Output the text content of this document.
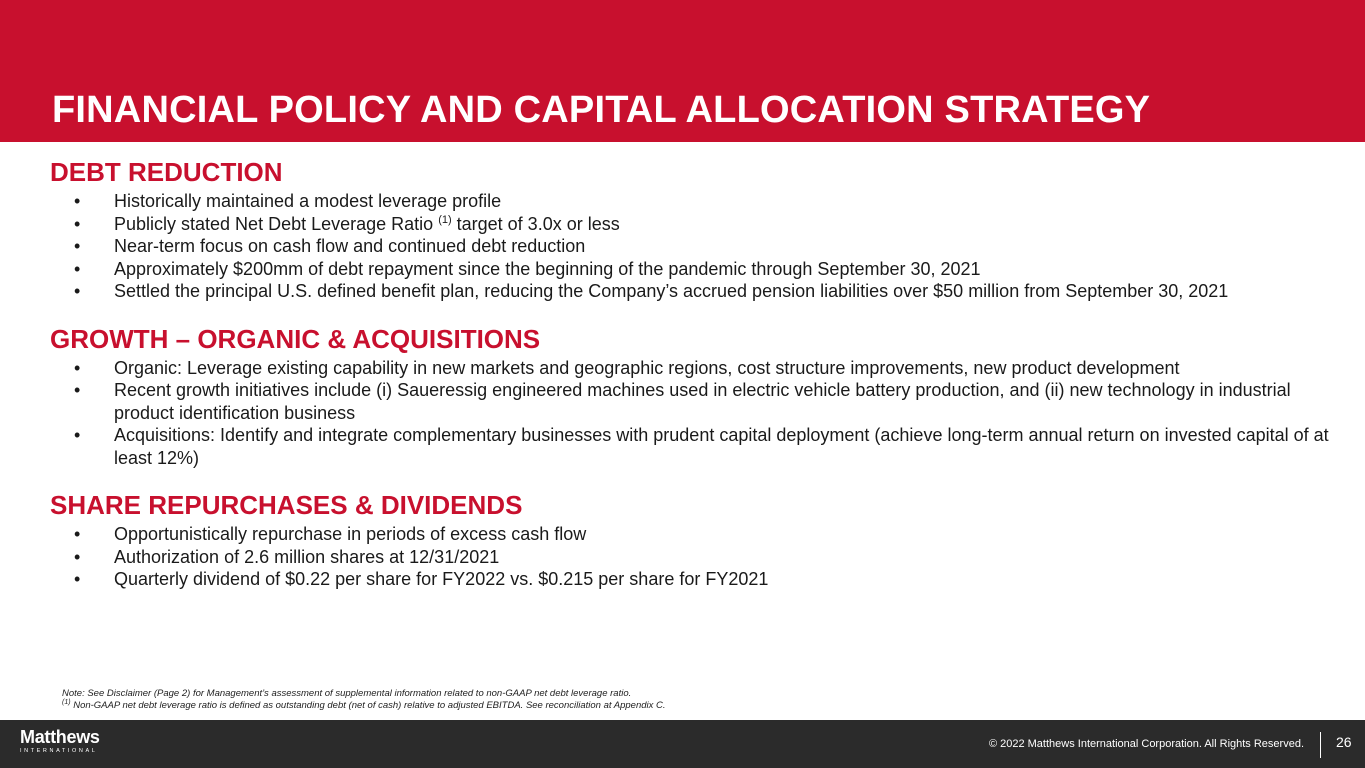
FINANCIAL POLICY AND CAPITAL ALLOCATION STRATEGY
DEBT REDUCTION
• Historically maintained a modest leverage profile
• Publicly stated Net Debt Leverage Ratio $^{(1)}$ target of 3.0x or less
• Near-term focus on cash flow and continued debt reduction
• Approximately $200mm of debt repayment since the beginning of the pandemic through September 30, 2021
• Settled the principal U.S. defined benefit plan, reducing the Company’s accrued pension liabilities over $50 million from September 30, 2021
GROWTH – ORGANIC & ACQUISITIONS
• Organic: Leverage existing capability in new markets and geographic regions, cost structure improvements, new product development
• Recent growth initiatives include (i) Saueressig engineered machines used in electric vehicle battery production, and (ii) new technology in industrial product identification business
• Acquisitions: Identify and integrate complementary businesses with prudent capital deployment (achieve long-term annual return on invested capital of at least 12%)
SHARE REPURCHASES & DIVIDENDS
• Opportunistically repurchase in periods of excess cash flow
• Authorization of 2.6 million shares at 12/31/2021
• Quarterly dividend of $0.22 per share for FY2022 vs. $0.215 per share for FY2021
Note: See Disclaimer (Page 2) for Management’s assessment of supplemental information related to non-GAAP net debt leverage ratio.
$^{(1)}$ Non-GAAP net debt leverage ratio is defined as outstanding debt (net of cash) relative to adjusted EBITDA. See reconciliation at Appendix C.
Matthews
INTERNATIONAL
© 2022 Matthews International Corporation. All Rights Reserved. 26
